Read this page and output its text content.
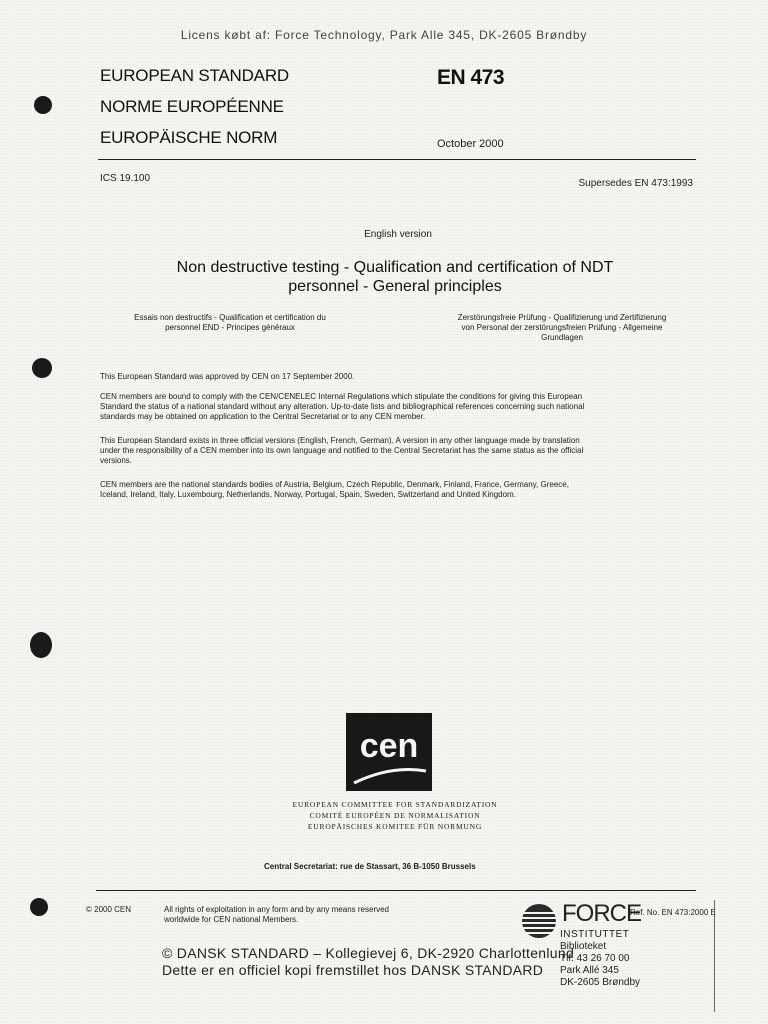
Licens købt af: Force Technology, Park Alle 345, DK-2605 Brøndby
EUROPEAN STANDARD
NORME EUROPÉENNE
EUROPÄISCHE NORM
EN 473
October 2000
ICS 19.100	Supersedes EN 473:1993
English version
Non destructive testing - Qualification and certification of NDT
personnel - General principles
Essais non destructifs - Qualification et certification du
personnel END - Principes généraux
Zerstörungsfreie Prüfung - Qualifizierung und Zertifizierung
von Personal der zerstörungsfreien Prüfung - Allgemeine
Grundlagen
This European Standard was approved by CEN on 17 September 2000.
CEN members are bound to comply with the CEN/CENELEC Internal Regulations which stipulate the conditions for giving this European
Standard the status of a national standard without any alteration. Up-to-date lists and bibliographical references concerning such national
standards may be obtained on application to the Central Secretariat or to any CEN member.
This European Standard exists in three official versions (English, French, German). A version in any other language made by translation
under the responsibility of a CEN member into its own language and notified to the Central Secretariat has the same status as the official
versions.
CEN members are the national standards bodies of Austria, Belgium, Czech Republic, Denmark, Finland, France, Germany, Greece,
Iceland, Ireland, Italy, Luxembourg, Netherlands, Norway, Portugal, Spain, Sweden, Switzerland and United Kingdom.
cen
EUROPEAN COMMITTEE FOR STANDARDIZATION
COMITÉ EUROPÉEN DE NORMALISATION
EUROPÄISCHES KOMITEE FÜR NORMUNG
Central Secretariat: rue de Stassart, 36 B-1050 Brussels
© 2000 CEN	All rights of exploitation in any form and by any means reserved
worldwide for CEN national Members.	FORCE
Ref. No. EN 473:2000 E
INSTITUTTET
Biblioteket
Tlf. 43 26 70 00
Park Allé 345
DK-2605 Brøndby
© DANSK STANDARD – Kollegievej 6, DK-2920 Charlottenlund
Dette er en officiel kopi fremstillet hos DANSK STANDARD
